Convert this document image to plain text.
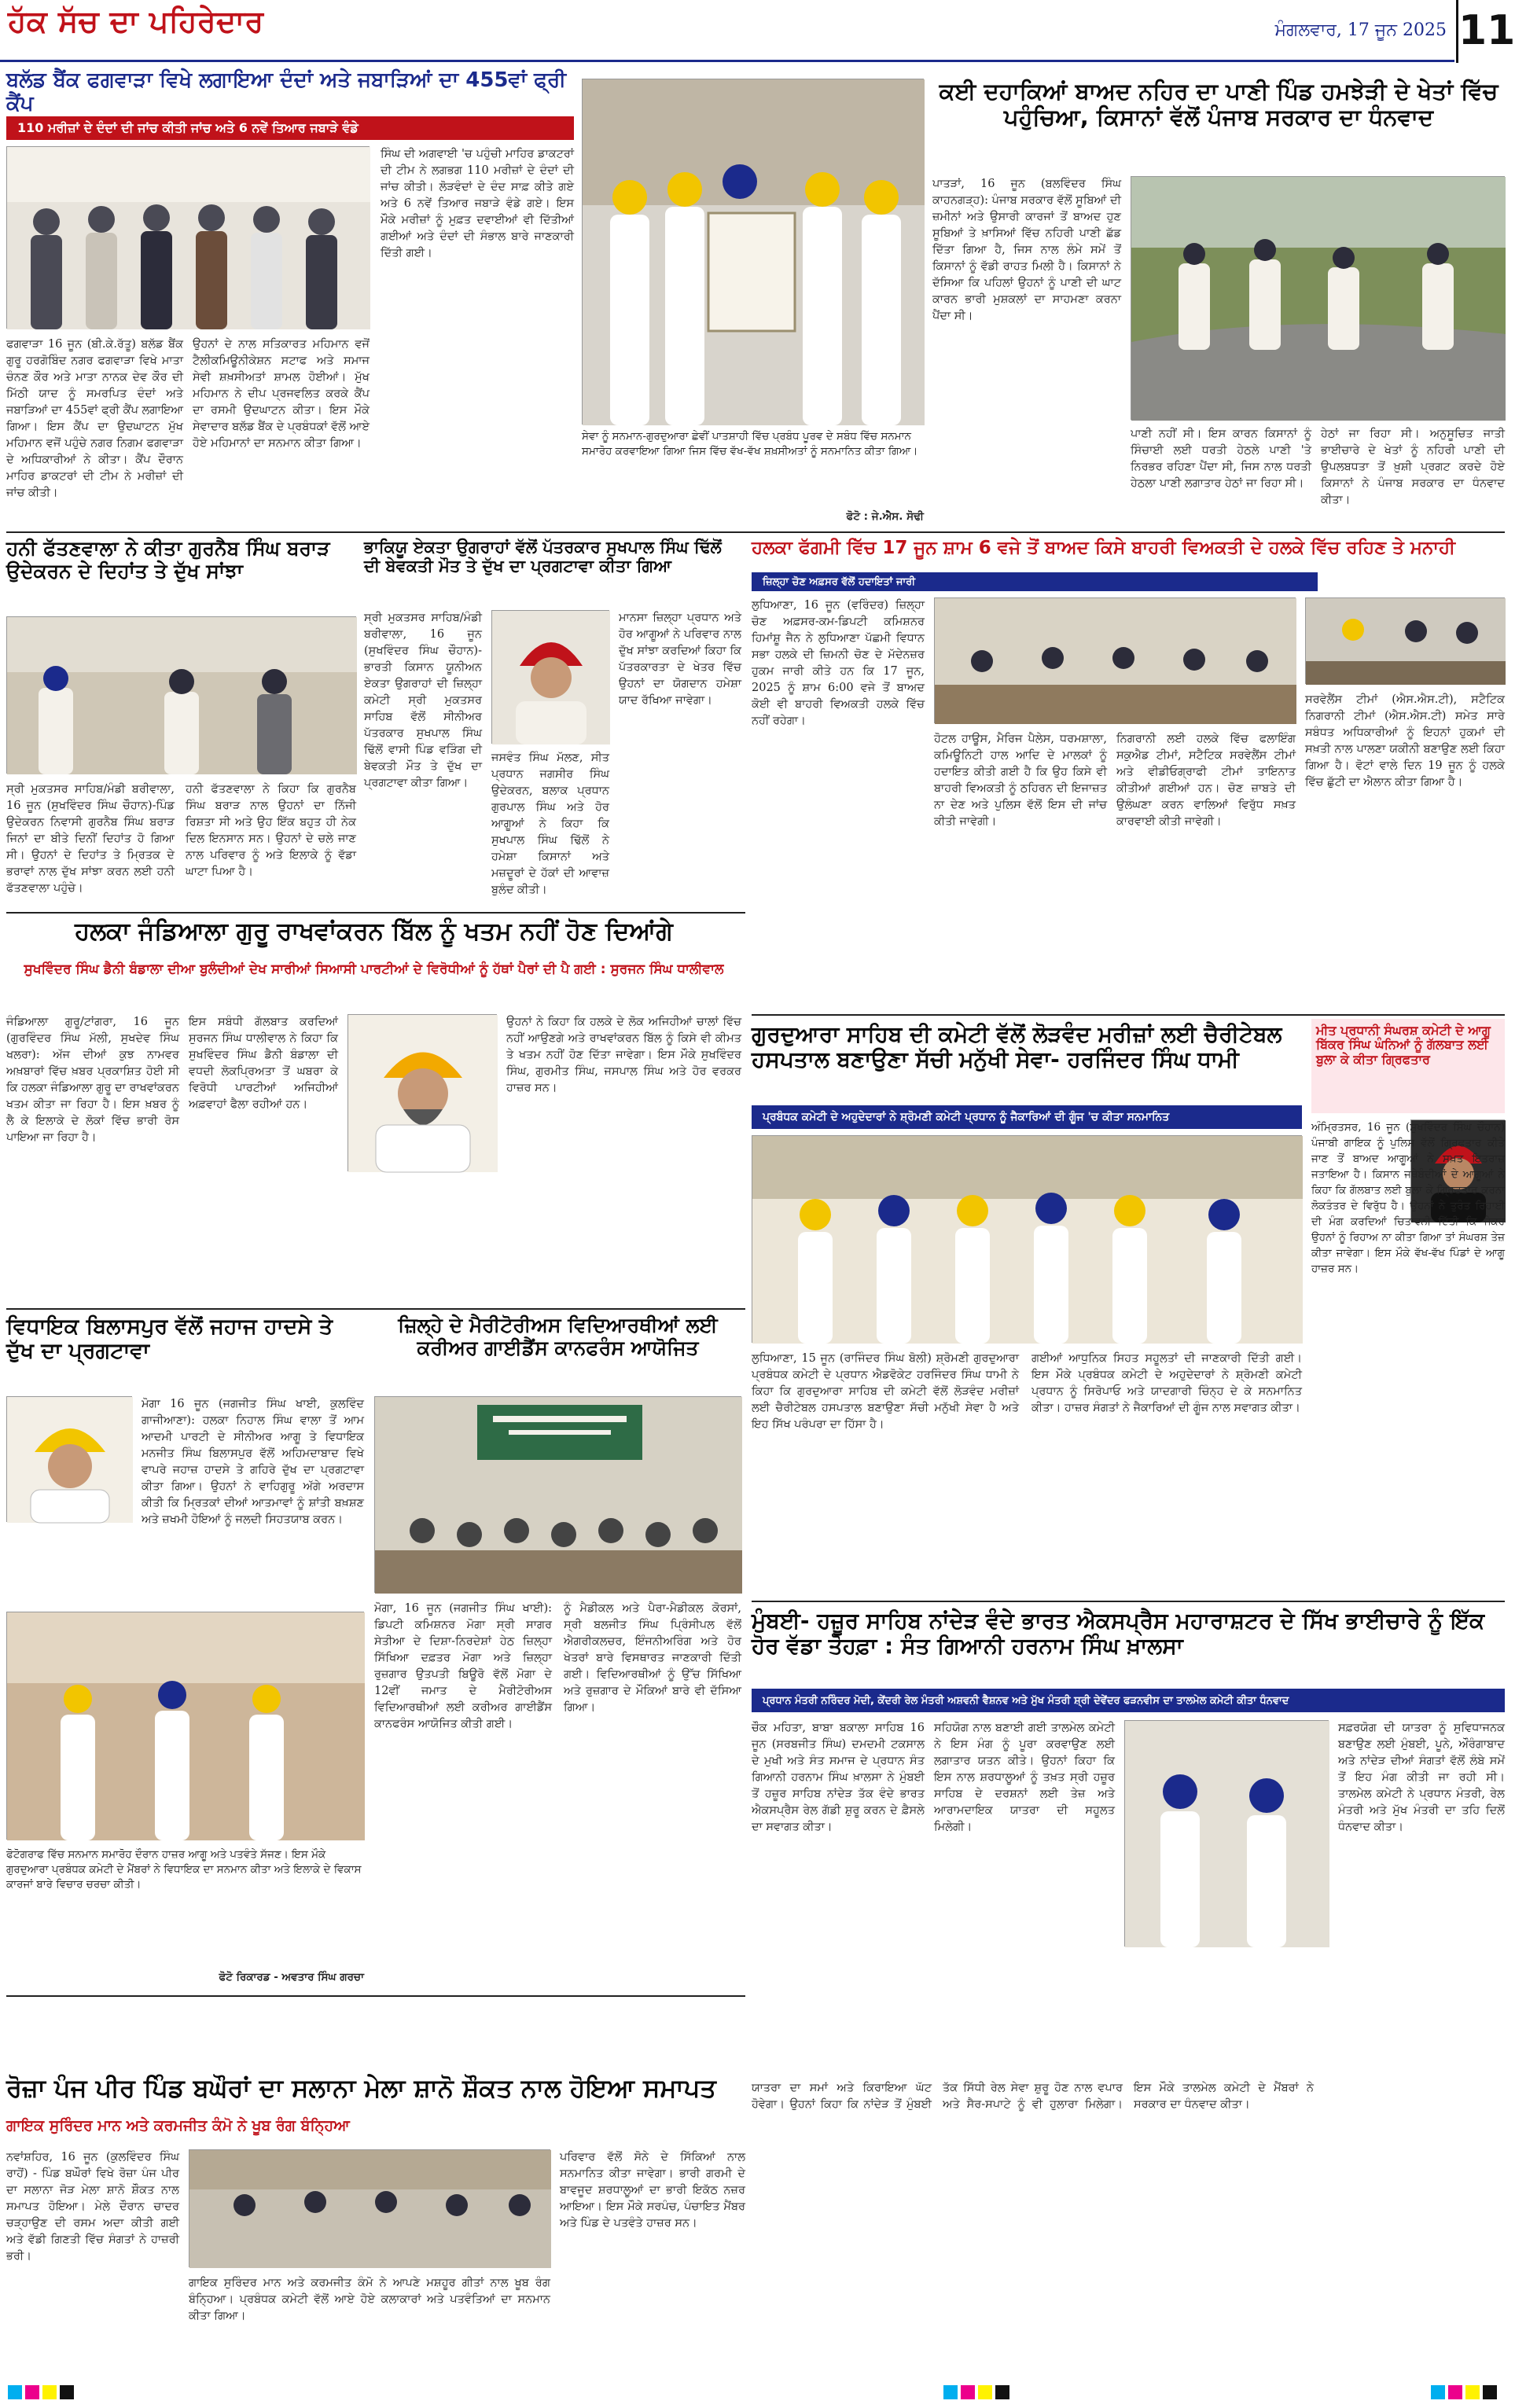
ਹੱਕ ਸੱਚ ਦਾ ਪਹਿਰੇਦਾਰ	ਮੰਗਲਵਾਰ, 17 ਜੂਨ 2025 11
ਬਲੱਡ ਬੈਂਕ ਫਗਵਾੜਾ ਵਿਖੇ ਲਗਾਇਆ ਦੰਦਾਂ ਅਤੇ ਜਬਾੜਿਆਂ ਦਾ 455ਵਾਂ ਫ੍ਰੀ ਕੈਂਪ
110 ਮਰੀਜ਼ਾਂ ਦੇ ਦੰਦਾਂ ਦੀ ਜਾਂਚ ਕੀਤੀ ਜਾਂਚ ਅਤੇ 6 ਨਵੇਂ ਤਿਆਰ ਜਬਾੜੇ ਵੰਡੇ
ਫਗਵਾੜਾ 16 ਜੂਨ (ਬੀ.ਕੇ.ਰੱਤੂ) ਬਲੱਡ ਬੈਂਕ ਗੁਰੂ ਹਰਗੋਬਿੰਦ ਨਗਰ ਫਗਵਾੜਾ ਵਿਖੇ ਮਾਤਾ ਚੰਨਣ ਕੌਰ ਅਤੇ ਮਾਤਾ ਨਾਨਕ ਦੇਵ ਕੌਰ ਦੀ ਮਿੱਠੀ ਯਾਦ ਨੂੰ ਸਮਰਪਿਤ ਦੰਦਾਂ ਅਤੇ ਜਬਾੜਿਆਂ ਦਾ 455ਵਾਂ ਫ੍ਰੀ ਕੈਂਪ ਲਗਾਇਆ ਗਿਆ। ਇਸ ਕੈਂਪ ਦਾ ਉਦਘਾਟਨ ਮੁੱਖ ਮਹਿਮਾਨ ਵਜੋਂ ਪਹੁੰਚੇ ਨਗਰ ਨਿਗਮ ਫਗਵਾੜਾ ਦੇ ਅਧਿਕਾਰੀਆਂ ਨੇ ਕੀਤਾ। ਕੈਂਪ ਦੌਰਾਨ ਮਾਹਿਰ ਡਾਕਟਰਾਂ ਦੀ ਟੀਮ ਨੇ ਮਰੀਜ਼ਾਂ ਦੀ ਜਾਂਚ ਕੀਤੀ।
ਉਹਨਾਂ ਦੇ ਨਾਲ ਸਤਿਕਾਰਤ ਮਹਿਮਾਨ ਵਜੋਂ ਟੈਲੀਕਮਿਊਨੀਕੇਸ਼ਨ ਸਟਾਫ ਅਤੇ ਸਮਾਜ ਸੇਵੀ ਸ਼ਖ਼ਸੀਅਤਾਂ ਸ਼ਾਮਲ ਹੋਈਆਂ। ਮੁੱਖ ਮਹਿਮਾਨ ਨੇ ਦੀਪ ਪ੍ਰਜਵਲਿਤ ਕਰਕੇ ਕੈਂਪ ਦਾ ਰਸਮੀ ਉਦਘਾਟਨ ਕੀਤਾ। ਇਸ ਮੌਕੇ ਸੇਵਾਦਾਰ ਬਲੱਡ ਬੈਂਕ ਦੇ ਪ੍ਰਬੰਧਕਾਂ ਵੱਲੋਂ ਆਏ ਹੋਏ ਮਹਿਮਾਨਾਂ ਦਾ ਸਨਮਾਨ ਕੀਤਾ ਗਿਆ।
ਸਿੰਘ ਦੀ ਅਗਵਾਈ 'ਚ ਪਹੁੰਚੀ ਮਾਹਿਰ ਡਾਕਟਰਾਂ ਦੀ ਟੀਮ ਨੇ ਲਗਭਗ 110 ਮਰੀਜ਼ਾਂ ਦੇ ਦੰਦਾਂ ਦੀ ਜਾਂਚ ਕੀਤੀ। ਲੋੜਵੰਦਾਂ ਦੇ ਦੰਦ ਸਾਫ਼ ਕੀਤੇ ਗਏ ਅਤੇ 6 ਨਵੇਂ ਤਿਆਰ ਜਬਾੜੇ ਵੰਡੇ ਗਏ। ਇਸ ਮੌਕੇ ਮਰੀਜ਼ਾਂ ਨੂੰ ਮੁਫ਼ਤ ਦਵਾਈਆਂ ਵੀ ਦਿੱਤੀਆਂ ਗਈਆਂ ਅਤੇ ਦੰਦਾਂ ਦੀ ਸੰਭਾਲ ਬਾਰੇ ਜਾਣਕਾਰੀ ਦਿੱਤੀ ਗਈ।
ਸੇਵਾ ਨੂੰ ਸਨਮਾਨ-ਗੁਰਦੁਆਰਾ ਛੇਵੀਂ ਪਾਤਸ਼ਾਹੀ ਵਿੱਚ ਪ੍ਰਬੰਧ ਪੂਰਵ ਦੇ ਸਬੰਧ ਵਿੱਚ ਸਨਮਾਨ ਸਮਾਰੋਹ ਕਰਵਾਇਆ ਗਿਆ ਜਿਸ ਵਿੱਚ ਵੱਖ-ਵੱਖ ਸ਼ਖ਼ਸੀਅਤਾਂ ਨੂੰ ਸਨਮਾਨਿਤ ਕੀਤਾ ਗਿਆ।
ਫੋਟੋ : ਜੇ.ਐਸ. ਸੋਢੀ
ਕਈ ਦਹਾਕਿਆਂ ਬਾਅਦ ਨਹਿਰ ਦਾ ਪਾਣੀ ਪਿੰਡ ਹਮਝੇੜੀ ਦੇ ਖੇਤਾਂ ਵਿੱਚ ਪਹੁੰਚਿਆ, ਕਿਸਾਨਾਂ ਵੱਲੋਂ ਪੰਜਾਬ ਸਰਕਾਰ ਦਾ ਧੰਨਵਾਦ
ਪਾਤੜਾਂ, 16 ਜੂਨ (ਬਲਵਿੰਦਰ ਸਿੰਘ ਕਾਹਨਗੜ੍ਹ): ਪੰਜਾਬ ਸਰਕਾਰ ਵੱਲੋਂ ਸੂਬਿਆਂ ਦੀ ਜ਼ਮੀਨਾਂ ਅਤੇ ਉਸਾਰੀ ਕਾਰਜਾਂ ਤੋਂ ਬਾਅਦ ਹੁਣ ਸੂਬਿਆਂ ਤੇ ਖ਼ਾਸਿਆਂ ਵਿੱਚ ਨਹਿਰੀ ਪਾਣੀ ਛੱਡ ਦਿੱਤਾ ਗਿਆ ਹੈ, ਜਿਸ ਨਾਲ ਲੰਮੇ ਸਮੇਂ ਤੋਂ ਕਿਸਾਨਾਂ ਨੂੰ ਵੱਡੀ ਰਾਹਤ ਮਿਲੀ ਹੈ। ਕਿਸਾਨਾਂ ਨੇ ਦੱਸਿਆ ਕਿ ਪਹਿਲਾਂ ਉਹਨਾਂ ਨੂੰ ਪਾਣੀ ਦੀ ਘਾਟ ਕਾਰਨ ਭਾਰੀ ਮੁਸ਼ਕਲਾਂ ਦਾ ਸਾਹਮਣਾ ਕਰਨਾ ਪੈਂਦਾ ਸੀ।
ਪਾਣੀ ਨਹੀਂ ਸੀ। ਇਸ ਕਾਰਨ ਕਿਸਾਨਾਂ ਨੂੰ ਸਿੰਚਾਈ ਲਈ ਧਰਤੀ ਹੇਠਲੇ ਪਾਣੀ 'ਤੇ ਨਿਰਭਰ ਰਹਿਣਾ ਪੈਂਦਾ ਸੀ, ਜਿਸ ਨਾਲ ਧਰਤੀ ਹੇਠਲਾ ਪਾਣੀ ਲਗਾਤਾਰ ਹੇਠਾਂ ਜਾ ਰਿਹਾ ਸੀ।
ਹੇਠਾਂ ਜਾ ਰਿਹਾ ਸੀ। ਅਨੁਸੂਚਿਤ ਜਾਤੀ ਭਾਈਚਾਰੇ ਦੇ ਖੇਤਾਂ ਨੂੰ ਨਹਿਰੀ ਪਾਣੀ ਦੀ ਉਪਲਬਧਤਾ ਤੋਂ ਖ਼ੁਸ਼ੀ ਪ੍ਰਗਟ ਕਰਦੇ ਹੋਏ ਕਿਸਾਨਾਂ ਨੇ ਪੰਜਾਬ ਸਰਕਾਰ ਦਾ ਧੰਨਵਾਦ ਕੀਤਾ।
ਹਨੀ ਫੱਤਣਵਾਲਾ ਨੇ ਕੀਤਾ ਗੁਰਨੈਬ ਸਿੰਘ ਬਰਾੜ ਉਦੇਕਰਨ ਦੇ ਦਿਹਾਂਤ ਤੇ ਦੁੱਖ ਸਾਂਝਾ
ਸ੍ਰੀ ਮੁਕਤਸਰ ਸਾਹਿਬ/ਮੰਡੀ ਬਰੀਵਾਲਾ, 16 ਜੂਨ (ਸੁਖਵਿੰਦਰ ਸਿੰਘ ਚੌਹਾਨ)-ਪਿੰਡ ਉਦੇਕਰਨ ਨਿਵਾਸੀ ਗੁਰਨੈਬ ਸਿੰਘ ਬਰਾੜ ਜਿਨਾਂ ਦਾ ਬੀਤੇ ਦਿਨੀਂ ਦਿਹਾਂਤ ਹੋ ਗਿਆ ਸੀ। ਉਹਨਾਂ ਦੇ ਦਿਹਾਂਤ ਤੇ ਮ੍ਰਿਤਕ ਦੇ ਭਰਾਵਾਂ ਨਾਲ ਦੁੱਖ ਸਾਂਝਾ ਕਰਨ ਲਈ ਹਨੀ ਫੱਤਣਵਾਲਾ ਪਹੁੰਚੇ।
ਹਨੀ ਫੱਤਣਵਾਲਾ ਨੇ ਕਿਹਾ ਕਿ ਗੁਰਨੈਬ ਸਿੰਘ ਬਰਾੜ ਨਾਲ ਉਹਨਾਂ ਦਾ ਨਿੱਜੀ ਰਿਸ਼ਤਾ ਸੀ ਅਤੇ ਉਹ ਇੱਕ ਬਹੁਤ ਹੀ ਨੇਕ ਦਿਲ ਇਨਸਾਨ ਸਨ। ਉਹਨਾਂ ਦੇ ਚਲੇ ਜਾਣ ਨਾਲ ਪਰਿਵਾਰ ਨੂੰ ਅਤੇ ਇਲਾਕੇ ਨੂੰ ਵੱਡਾ ਘਾਟਾ ਪਿਆ ਹੈ।
ਭਾਕਿਯੂ ਏਕਤਾ ਉਗਰਾਹਾਂ ਵੱਲੋਂ ਪੱਤਰਕਾਰ ਸੁਖਪਾਲ ਸਿੰਘ ਢਿੱਲੋਂ ਦੀ ਬੇਵਕਤੀ ਮੌਤ ਤੇ ਦੁੱਖ ਦਾ ਪ੍ਰਗਟਾਵਾ ਕੀਤਾ ਗਿਆ
ਸ੍ਰੀ ਮੁਕਤਸਰ ਸਾਹਿਬ/ਮੰਡੀ ਬਰੀਵਾਲਾ, 16 ਜੂਨ (ਸੁਖਵਿੰਦਰ ਸਿੰਘ ਚੌਹਾਨ)-ਭਾਰਤੀ ਕਿਸਾਨ ਯੂਨੀਅਨ ਏਕਤਾ ਉਗਰਾਹਾਂ ਦੀ ਜ਼ਿਲ੍ਹਾ ਕਮੇਟੀ ਸ੍ਰੀ ਮੁਕਤਸਰ ਸਾਹਿਬ ਵੱਲੋਂ ਸੀਨੀਅਰ ਪੱਤਰਕਾਰ ਸੁਖਪਾਲ ਸਿੰਘ ਢਿੱਲੋਂ ਵਾਸੀ ਪਿੰਡ ਵੜਿੰਗ ਦੀ ਬੇਵਕਤੀ ਮੌਤ ਤੇ ਦੁੱਖ ਦਾ ਪ੍ਰਗਟਾਵਾ ਕੀਤਾ ਗਿਆ।
ਜਸਵੰਤ ਸਿੰਘ ਮੱਲਣ, ਸੀਤ ਪ੍ਰਧਾਨ ਜਗਸੀਰ ਸਿੰਘ ਉਦੇਕਰਨ, ਬਲਾਕ ਪ੍ਰਧਾਨ ਗੁਰਪਾਲ ਸਿੰਘ ਅਤੇ ਹੋਰ ਆਗੂਆਂ ਨੇ ਕਿਹਾ ਕਿ ਸੁਖਪਾਲ ਸਿੰਘ ਢਿੱਲੋਂ ਨੇ ਹਮੇਸ਼ਾ ਕਿਸਾਨਾਂ ਅਤੇ ਮਜ਼ਦੂਰਾਂ ਦੇ ਹੱਕਾਂ ਦੀ ਆਵਾਜ਼ ਬੁਲੰਦ ਕੀਤੀ।
ਮਾਨਸਾ ਜ਼ਿਲ੍ਹਾ ਪ੍ਰਧਾਨ ਅਤੇ ਹੋਰ ਆਗੂਆਂ ਨੇ ਪਰਿਵਾਰ ਨਾਲ ਦੁੱਖ ਸਾਂਝਾ ਕਰਦਿਆਂ ਕਿਹਾ ਕਿ ਪੱਤਰਕਾਰਤਾ ਦੇ ਖੇਤਰ ਵਿੱਚ ਉਹਨਾਂ ਦਾ ਯੋਗਦਾਨ ਹਮੇਸ਼ਾ ਯਾਦ ਰੱਖਿਆ ਜਾਵੇਗਾ।
ਹਲਕਾ ਫੱਗਮੀ ਵਿੱਚ 17 ਜੂਨ ਸ਼ਾਮ 6 ਵਜੇ ਤੋਂ ਬਾਅਦ ਕਿਸੇ ਬਾਹਰੀ ਵਿਅਕਤੀ ਦੇ ਹਲਕੇ ਵਿੱਚ ਰਹਿਣ ਤੇ ਮਨਾਹੀ
ਜ਼ਿਲ੍ਹਾ ਚੋਣ ਅਫ਼ਸਰ ਵੱਲੋਂ ਹਦਾਇਤਾਂ ਜਾਰੀ
ਲੁਧਿਆਣਾ, 16 ਜੂਨ (ਵਰਿੰਦਰ) ਜ਼ਿਲ੍ਹਾ ਚੋਣ ਅਫ਼ਸਰ-ਕਮ-ਡਿਪਟੀ ਕਮਿਸ਼ਨਰ ਹਿਮਾਂਸ਼ੂ ਜੈਨ ਨੇ ਲੁਧਿਆਣਾ ਪੱਛਮੀ ਵਿਧਾਨ ਸਭਾ ਹਲਕੇ ਦੀ ਜ਼ਿਮਨੀ ਚੋਣ ਦੇ ਮੱਦੇਨਜ਼ਰ ਹੁਕਮ ਜਾਰੀ ਕੀਤੇ ਹਨ ਕਿ 17 ਜੂਨ, 2025 ਨੂੰ ਸ਼ਾਮ 6:00 ਵਜੇ ਤੋਂ ਬਾਅਦ ਕੋਈ ਵੀ ਬਾਹਰੀ ਵਿਅਕਤੀ ਹਲਕੇ ਵਿੱਚ ਨਹੀਂ ਰਹੇਗਾ।
ਹੋਟਲ ਹਾਊਸ, ਮੈਰਿਜ ਪੈਲੇਸ, ਧਰਮਸ਼ਾਲਾ, ਕਮਿਊਨਿਟੀ ਹਾਲ ਆਦਿ ਦੇ ਮਾਲਕਾਂ ਨੂੰ ਹਦਾਇਤ ਕੀਤੀ ਗਈ ਹੈ ਕਿ ਉਹ ਕਿਸੇ ਵੀ ਬਾਹਰੀ ਵਿਅਕਤੀ ਨੂੰ ਠਹਿਰਨ ਦੀ ਇਜਾਜ਼ਤ ਨਾ ਦੇਣ ਅਤੇ ਪੁਲਿਸ ਵੱਲੋਂ ਇਸ ਦੀ ਜਾਂਚ ਕੀਤੀ ਜਾਵੇਗੀ।
ਨਿਗਰਾਨੀ ਲਈ ਹਲਕੇ ਵਿੱਚ ਫਲਾਇੰਗ ਸਕੁਐਡ ਟੀਮਾਂ, ਸਟੈਟਿਕ ਸਰਵੇਲੈਂਸ ਟੀਮਾਂ ਅਤੇ ਵੀਡੀਓਗ੍ਰਾਫੀ ਟੀਮਾਂ ਤਾਇਨਾਤ ਕੀਤੀਆਂ ਗਈਆਂ ਹਨ। ਚੋਣ ਜ਼ਾਬਤੇ ਦੀ ਉਲੰਘਣਾ ਕਰਨ ਵਾਲਿਆਂ ਵਿਰੁੱਧ ਸਖ਼ਤ ਕਾਰਵਾਈ ਕੀਤੀ ਜਾਵੇਗੀ।
ਸਰਵੇਲੈਂਸ ਟੀਮਾਂ (ਐਸ.ਐਸ.ਟੀ), ਸਟੈਟਿਕ ਨਿਗਰਾਨੀ ਟੀਮਾਂ (ਐਸ.ਐਸ.ਟੀ) ਸਮੇਤ ਸਾਰੇ ਸਬੰਧਤ ਅਧਿਕਾਰੀਆਂ ਨੂੰ ਇਹਨਾਂ ਹੁਕਮਾਂ ਦੀ ਸਖ਼ਤੀ ਨਾਲ ਪਾਲਣਾ ਯਕੀਨੀ ਬਣਾਉਣ ਲਈ ਕਿਹਾ ਗਿਆ ਹੈ। ਵੋਟਾਂ ਵਾਲੇ ਦਿਨ 19 ਜੂਨ ਨੂੰ ਹਲਕੇ ਵਿੱਚ ਛੁੱਟੀ ਦਾ ਐਲਾਨ ਕੀਤਾ ਗਿਆ ਹੈ।
ਹਲਕਾ ਜੰਡਿਆਲਾ ਗੁਰੂ ਰਾਖਵਾਂਕਰਨ ਬਿੱਲ ਨੂੰ ਖਤਮ ਨਹੀਂ ਹੋਣ ਦਿਆਂਗੇ
ਸੁਖਵਿੰਦਰ ਸਿੰਘ ਡੈਨੀ ਬੰਡਾਲਾ ਦੀਆ ਬੁਲੰਦੀਆਂ ਦੇਖ ਸਾਰੀਆਂ ਸਿਆਸੀ ਪਾਰਟੀਆਂ ਦੇ ਵਿਰੋਧੀਆਂ ਨੂੰ ਹੱਥਾਂ ਪੈਰਾਂ ਦੀ ਪੈ ਗਈ : ਸੁਰਜਨ ਸਿੰਘ ਧਾਲੀਵਾਲ
ਜੰਡਿਆਲਾ ਗੁਰੂ/ਟਾਂਗਰਾ, 16 ਜੂਨ (ਗੁਰਵਿੰਦਰ ਸਿੰਘ ਮੱਲੀ, ਸੁਖਦੇਵ ਸਿੰਘ ਖਲਰਾ): ਅੱਜ ਦੀਆਂ ਕੁਝ ਨਾਮਵਰ ਅਖ਼ਬਾਰਾਂ ਵਿੱਚ ਖ਼ਬਰ ਪ੍ਰਕਾਸ਼ਿਤ ਹੋਈ ਸੀ ਕਿ ਹਲਕਾ ਜੰਡਿਆਲਾ ਗੁਰੂ ਦਾ ਰਾਖਵਾਂਕਰਨ ਖਤਮ ਕੀਤਾ ਜਾ ਰਿਹਾ ਹੈ। ਇਸ ਖ਼ਬਰ ਨੂੰ ਲੈ ਕੇ ਇਲਾਕੇ ਦੇ ਲੋਕਾਂ ਵਿੱਚ ਭਾਰੀ ਰੋਸ ਪਾਇਆ ਜਾ ਰਿਹਾ ਹੈ।
ਇਸ ਸਬੰਧੀ ਗੱਲਬਾਤ ਕਰਦਿਆਂ ਸੁਰਜਨ ਸਿੰਘ ਧਾਲੀਵਾਲ ਨੇ ਕਿਹਾ ਕਿ ਸੁਖਵਿੰਦਰ ਸਿੰਘ ਡੈਨੀ ਬੰਡਾਲਾ ਦੀ ਵਧਦੀ ਲੋਕਪ੍ਰਿਅਤਾ ਤੋਂ ਘਬਰਾ ਕੇ ਵਿਰੋਧੀ ਪਾਰਟੀਆਂ ਅਜਿਹੀਆਂ ਅਫ਼ਵਾਹਾਂ ਫੈਲਾ ਰਹੀਆਂ ਹਨ।
ਉਹਨਾਂ ਨੇ ਕਿਹਾ ਕਿ ਹਲਕੇ ਦੇ ਲੋਕ ਅਜਿਹੀਆਂ ਚਾਲਾਂ ਵਿੱਚ ਨਹੀਂ ਆਉਣਗੇ ਅਤੇ ਰਾਖਵਾਂਕਰਨ ਬਿੱਲ ਨੂੰ ਕਿਸੇ ਵੀ ਕੀਮਤ ਤੇ ਖਤਮ ਨਹੀਂ ਹੋਣ ਦਿੱਤਾ ਜਾਵੇਗਾ। ਇਸ ਮੌਕੇ ਸੁਖਵਿੰਦਰ ਸਿੰਘ, ਗੁਰਮੀਤ ਸਿੰਘ, ਜਸਪਾਲ ਸਿੰਘ ਅਤੇ ਹੋਰ ਵਰਕਰ ਹਾਜ਼ਰ ਸਨ।
ਗੁਰਦੁਆਰਾ ਸਾਹਿਬ ਦੀ ਕਮੇਟੀ ਵੱਲੋਂ ਲੋੜਵੰਦ ਮਰੀਜ਼ਾਂ ਲਈ ਚੈਰੀਟੇਬਲ ਹਸਪਤਾਲ ਬਣਾਉਣਾ ਸੱਚੀ ਮਨੁੱਖੀ ਸੇਵਾ- ਹਰਜਿੰਦਰ ਸਿੰਘ ਧਾਮੀ
ਪ੍ਰਬੰਧਕ ਕਮੇਟੀ ਦੇ ਅਹੁਦੇਦਾਰਾਂ ਨੇ ਸ਼੍ਰੋਮਣੀ ਕਮੇਟੀ ਪ੍ਰਧਾਨ ਨੂੰ ਜੈਕਾਰਿਆਂ ਦੀ ਗੂੰਜ 'ਚ ਕੀਤਾ ਸਨਮਾਨਿਤ
ਲੁਧਿਆਣਾ, 15 ਜੂਨ (ਰਾਜਿੰਦਰ ਸਿੰਘ ਬੋਲੀ) ਸ਼੍ਰੋਮਣੀ ਗੁਰਦੁਆਰਾ ਪ੍ਰਬੰਧਕ ਕਮੇਟੀ ਦੇ ਪ੍ਰਧਾਨ ਐਡਵੋਕੇਟ ਹਰਜਿੰਦਰ ਸਿੰਘ ਧਾਮੀ ਨੇ ਕਿਹਾ ਕਿ ਗੁਰਦੁਆਰਾ ਸਾਹਿਬ ਦੀ ਕਮੇਟੀ ਵੱਲੋਂ ਲੋੜਵੰਦ ਮਰੀਜ਼ਾਂ ਲਈ ਚੈਰੀਟੇਬਲ ਹਸਪਤਾਲ ਬਣਾਉਣਾ ਸੱਚੀ ਮਨੁੱਖੀ ਸੇਵਾ ਹੈ ਅਤੇ ਇਹ ਸਿੱਖ ਪਰੰਪਰਾ ਦਾ ਹਿੱਸਾ ਹੈ।
ਗਈਆਂ ਆਧੁਨਿਕ ਸਿਹਤ ਸਹੂਲਤਾਂ ਦੀ ਜਾਣਕਾਰੀ ਦਿੱਤੀ ਗਈ। ਇਸ ਮੌਕੇ ਪ੍ਰਬੰਧਕ ਕਮੇਟੀ ਦੇ ਅਹੁਦੇਦਾਰਾਂ ਨੇ ਸ਼੍ਰੋਮਣੀ ਕਮੇਟੀ ਪ੍ਰਧਾਨ ਨੂੰ ਸਿਰੋਪਾਓ ਅਤੇ ਯਾਦਗਾਰੀ ਚਿੰਨ੍ਹ ਦੇ ਕੇ ਸਨਮਾਨਿਤ ਕੀਤਾ। ਹਾਜ਼ਰ ਸੰਗਤਾਂ ਨੇ ਜੈਕਾਰਿਆਂ ਦੀ ਗੂੰਜ ਨਾਲ ਸਵਾਗਤ ਕੀਤਾ।
ਮੀਤ ਪ੍ਰਧਾਨੀ ਸੰਘਰਸ਼ ਕਮੇਟੀ ਦੇ ਆਗੂ ਬਿੱਕਰ ਸਿੰਘ ਘੰਨਿਆਂ ਨੂੰ ਗੱਲਬਾਤ ਲਈ ਬੁਲਾ ਕੇ ਕੀਤਾ ਗ੍ਰਿਫਤਾਰ
ਅੰਮ੍ਰਿਤਸਰ, 16 ਜੂਨ (ਸੁਖਵਿੰਦਰ ਸਿੰਘ ਚੌਹਾਨ) ਪੰਜਾਬੀ ਗਾਇਕ ਨੂੰ ਪੁਲਿਸ ਵੱਲੋਂ ਗ੍ਰਿਫਤਾਰ ਕੀਤੇ ਜਾਣ ਤੋਂ ਬਾਅਦ ਆਗੂਆਂ ਨੇ ਸਖ਼ਤ ਇਤਰਾਜ਼ ਜਤਾਇਆ ਹੈ। ਕਿਸਾਨ ਜਥੇਬੰਦੀਆਂ ਦੇ ਆਗੂਆਂ ਨੇ ਕਿਹਾ ਕਿ ਗੱਲਬਾਤ ਲਈ ਬੁਲਾ ਕੇ ਗ੍ਰਿਫਤਾਰ ਕਰਨਾ ਲੋਕਤੰਤਰ ਦੇ ਵਿਰੁੱਧ ਹੈ। ਉਹਨਾਂ ਨੇ ਤੁਰੰਤ ਰਿਹਾਈ ਦੀ ਮੰਗ ਕਰਦਿਆਂ ਚਿਤਾਵਨੀ ਦਿੱਤੀ ਕਿ ਜੇਕਰ ਉਹਨਾਂ ਨੂੰ ਰਿਹਾਅ ਨਾ ਕੀਤਾ ਗਿਆ ਤਾਂ ਸੰਘਰਸ਼ ਤੇਜ਼ ਕੀਤਾ ਜਾਵੇਗਾ। ਇਸ ਮੌਕੇ ਵੱਖ-ਵੱਖ ਪਿੰਡਾਂ ਦੇ ਆਗੂ ਹਾਜ਼ਰ ਸਨ।
ਵਿਧਾਇਕ ਬਿਲਾਸਪੁਰ ਵੱਲੋਂ ਜਹਾਜ ਹਾਦਸੇ ਤੇ ਦੁੱਖ ਦਾ ਪ੍ਰਗਟਾਵਾ
ਮੋਗਾ 16 ਜੂਨ (ਜਗਜੀਤ ਸਿੰਘ ਖਾਈ, ਕੁਲਵਿੰਦ ਗਾਜੀਆਣਾ): ਹਲਕਾ ਨਿਹਾਲ ਸਿੰਘ ਵਾਲਾ ਤੋਂ ਆਮ ਆਦਮੀ ਪਾਰਟੀ ਦੇ ਸੀਨੀਅਰ ਆਗੂ ਤੇ ਵਿਧਾਇਕ ਮਨਜੀਤ ਸਿੰਘ ਬਿਲਾਸਪੁਰ ਵੱਲੋਂ ਅਹਿਮਦਾਬਾਦ ਵਿਖੇ ਵਾਪਰੇ ਜਹਾਜ਼ ਹਾਦਸੇ ਤੇ ਗਹਿਰੇ ਦੁੱਖ ਦਾ ਪ੍ਰਗਟਾਵਾ ਕੀਤਾ ਗਿਆ। ਉਹਨਾਂ ਨੇ ਵਾਹਿਗੁਰੂ ਅੱਗੇ ਅਰਦਾਸ ਕੀਤੀ ਕਿ ਮ੍ਰਿਤਕਾਂ ਦੀਆਂ ਆਤਮਾਵਾਂ ਨੂੰ ਸ਼ਾਂਤੀ ਬਖ਼ਸ਼ਣ ਅਤੇ ਜ਼ਖਮੀ ਹੋਇਆਂ ਨੂੰ ਜਲਦੀ ਸਿਹਤਯਾਬ ਕਰਨ।
ਜ਼ਿਲ੍ਹੇ ਦੇ ਮੈਰੀਟੋਰੀਅਸ ਵਿਦਿਆਰਥੀਆਂ ਲਈ ਕਰੀਅਰ ਗਾਈਡੈਂਸ ਕਾਨਫਰੰਸ ਆਯੋਜਿਤ
ਮੋਗਾ, 16 ਜੂਨ (ਜਗਜੀਤ ਸਿੰਘ ਖਾਈ): ਡਿਪਟੀ ਕਮਿਸ਼ਨਰ ਮੋਗਾ ਸ੍ਰੀ ਸਾਗਰ ਸੇਤੀਆ ਦੇ ਦਿਸ਼ਾ-ਨਿਰਦੇਸ਼ਾਂ ਹੇਠ ਜ਼ਿਲ੍ਹਾ ਸਿੱਖਿਆ ਦਫ਼ਤਰ ਮੋਗਾ ਅਤੇ ਜ਼ਿਲ੍ਹਾ ਰੁਜ਼ਗਾਰ ਉਤਪਤੀ ਬਿਊਰੋ ਵੱਲੋਂ ਮੋਗਾ ਦੇ 12ਵੀਂ ਜਮਾਤ ਦੇ ਮੈਰੀਟੋਰੀਅਸ ਵਿਦਿਆਰਥੀਆਂ ਲਈ ਕਰੀਅਰ ਗਾਈਡੈਂਸ ਕਾਨਫਰੰਸ ਆਯੋਜਿਤ ਕੀਤੀ ਗਈ।
ਨੂੰ ਮੈਡੀਕਲ ਅਤੇ ਪੈਰਾ-ਮੈਡੀਕਲ ਕੋਰਸਾਂ, ਸ੍ਰੀ ਬਲਜੀਤ ਸਿੰਘ ਪ੍ਰਿੰਸੀਪਲ ਵੱਲੋਂ ਐਗਰੀਕਲਚਰ, ਇੰਜਨੀਅਰਿੰਗ ਅਤੇ ਹੋਰ ਖੇਤਰਾਂ ਬਾਰੇ ਵਿਸਥਾਰਤ ਜਾਣਕਾਰੀ ਦਿੱਤੀ ਗਈ। ਵਿਦਿਆਰਥੀਆਂ ਨੂੰ ਉੱਚ ਸਿੱਖਿਆ ਅਤੇ ਰੁਜ਼ਗਾਰ ਦੇ ਮੌਕਿਆਂ ਬਾਰੇ ਵੀ ਦੱਸਿਆ ਗਿਆ।
ਫੋਟੋਗਰਾਫ ਵਿੱਚ ਸਨਮਾਨ ਸਮਾਰੋਹ ਦੌਰਾਨ ਹਾਜ਼ਰ ਆਗੂ ਅਤੇ ਪਤਵੰਤੇ ਸੱਜਣ। ਇਸ ਮੌਕੇ ਗੁਰਦੁਆਰਾ ਪ੍ਰਬੰਧਕ ਕਮੇਟੀ ਦੇ ਮੈਂਬਰਾਂ ਨੇ ਵਿਧਾਇਕ ਦਾ ਸਨਮਾਨ ਕੀਤਾ ਅਤੇ ਇਲਾਕੇ ਦੇ ਵਿਕਾਸ ਕਾਰਜਾਂ ਬਾਰੇ ਵਿਚਾਰ ਚਰਚਾ ਕੀਤੀ।
ਫੋਟੋ ਰਿਕਾਰਡ - ਅਵਤਾਰ ਸਿੰਘ ਗਰਚਾ
ਮੁੰਬਈ- ਹਜ਼ੂਰ ਸਾਹਿਬ ਨਾਂਦੇੜ ਵੰਦੇ ਭਾਰਤ ਐਕਸਪ੍ਰੈਸ ਮਹਾਰਾਸ਼ਟਰ ਦੇ ਸਿੱਖ ਭਾਈਚਾਰੇ ਨੂੰ ਇੱਕ ਹੋਰ ਵੱਡਾ ਤੋਹਫ਼ਾ : ਸੰਤ ਗਿਆਨੀ ਹਰਨਾਮ ਸਿੰਘ ਖ਼ਾਲਸਾ
ਪ੍ਰਧਾਨ ਮੰਤਰੀ ਨਰਿੰਦਰ ਮੋਦੀ, ਕੇਂਦਰੀ ਰੇਲ ਮੰਤਰੀ ਅਸ਼ਵਨੀ ਵੈਸ਼ਨਵ ਅਤੇ ਮੁੱਖ ਮੰਤਰੀ ਸ਼੍ਰੀ ਦੇਵੇਂਦਰ ਫੜਨਵੀਸ ਦਾ ਤਾਲਮੇਲ ਕਮੇਟੀ ਕੀਤਾ ਧੰਨਵਾਦ
ਚੌਕ ਮਹਿਤਾ, ਬਾਬਾ ਬਕਾਲਾ ਸਾਹਿਬ 16 ਜੂਨ (ਸਰਬਜੀਤ ਸਿੰਘ) ਦਮਦਮੀ ਟਕਸਾਲ ਦੇ ਮੁਖੀ ਅਤੇ ਸੰਤ ਸਮਾਜ ਦੇ ਪ੍ਰਧਾਨ ਸੰਤ ਗਿਆਨੀ ਹਰਨਾਮ ਸਿੰਘ ਖ਼ਾਲਸਾ ਨੇ ਮੁੰਬਈ ਤੋਂ ਹਜ਼ੂਰ ਸਾਹਿਬ ਨਾਂਦੇੜ ਤੱਕ ਵੰਦੇ ਭਾਰਤ ਐਕਸਪ੍ਰੈਸ ਰੇਲ ਗੱਡੀ ਸ਼ੁਰੂ ਕਰਨ ਦੇ ਫ਼ੈਸਲੇ ਦਾ ਸਵਾਗਤ ਕੀਤਾ।
ਸਹਿਯੋਗ ਨਾਲ ਬਣਾਈ ਗਈ ਤਾਲਮੇਲ ਕਮੇਟੀ ਨੇ ਇਸ ਮੰਗ ਨੂੰ ਪੂਰਾ ਕਰਵਾਉਣ ਲਈ ਲਗਾਤਾਰ ਯਤਨ ਕੀਤੇ। ਉਹਨਾਂ ਕਿਹਾ ਕਿ ਇਸ ਨਾਲ ਸ਼ਰਧਾਲੂਆਂ ਨੂੰ ਤਖ਼ਤ ਸ੍ਰੀ ਹਜ਼ੂਰ ਸਾਹਿਬ ਦੇ ਦਰਸ਼ਨਾਂ ਲਈ ਤੇਜ਼ ਅਤੇ ਆਰਾਮਦਾਇਕ ਯਾਤਰਾ ਦੀ ਸਹੂਲਤ ਮਿਲੇਗੀ।
ਸਫ਼ਰਯੋਗ ਦੀ ਯਾਤਰਾ ਨੂੰ ਸੁਵਿਧਾਜਨਕ ਬਣਾਉਣ ਲਈ ਮੁੰਬਈ, ਪੂਨੇ, ਔਰੰਗਾਬਾਦ ਅਤੇ ਨਾਂਦੇੜ ਦੀਆਂ ਸੰਗਤਾਂ ਵੱਲੋਂ ਲੰਬੇ ਸਮੇਂ ਤੋਂ ਇਹ ਮੰਗ ਕੀਤੀ ਜਾ ਰਹੀ ਸੀ। ਤਾਲਮੇਲ ਕਮੇਟੀ ਨੇ ਪ੍ਰਧਾਨ ਮੰਤਰੀ, ਰੇਲ ਮੰਤਰੀ ਅਤੇ ਮੁੱਖ ਮੰਤਰੀ ਦਾ ਤਹਿ ਦਿਲੋਂ ਧੰਨਵਾਦ ਕੀਤਾ।
ਰੋਜ਼ਾ ਪੰਜ ਪੀਰ ਪਿੰਡ ਬਘੌਰਾਂ ਦਾ ਸਲਾਨਾ ਮੇਲਾ ਸ਼ਾਨੋ ਸ਼ੌਕਤ ਨਾਲ ਹੋਇਆ ਸਮਾਪਤ
ਗਾਇਕ ਸੁਰਿੰਦਰ ਮਾਨ ਅਤੇ ਕਰਮਜੀਤ ਕੰਮੋ ਨੇ ਖੂਬ ਰੰਗ ਬੰਨ੍ਹਿਆ
ਨਵਾਂਸ਼ਹਿਰ, 16 ਜੂਨ (ਕੁਲਵਿੰਦਰ ਸਿੰਘ ਰਾਹੋਂ) - ਪਿੰਡ ਬਘੌਰਾਂ ਵਿਖੇ ਰੋਜ਼ਾ ਪੰਜ ਪੀਰ ਦਾ ਸਲਾਨਾ ਜੋੜ ਮੇਲਾ ਸ਼ਾਨੋ ਸ਼ੌਕਤ ਨਾਲ ਸਮਾਪਤ ਹੋਇਆ। ਮੇਲੇ ਦੌਰਾਨ ਚਾਦਰ ਚੜ੍ਹਾਉਣ ਦੀ ਰਸਮ ਅਦਾ ਕੀਤੀ ਗਈ ਅਤੇ ਵੱਡੀ ਗਿਣਤੀ ਵਿੱਚ ਸੰਗਤਾਂ ਨੇ ਹਾਜ਼ਰੀ ਭਰੀ।
ਗਾਇਕ ਸੁਰਿੰਦਰ ਮਾਨ ਅਤੇ ਕਰਮਜੀਤ ਕੰਮੋ ਨੇ ਆਪਣੇ ਮਸ਼ਹੂਰ ਗੀਤਾਂ ਨਾਲ ਖੂਬ ਰੰਗ ਬੰਨ੍ਹਿਆ। ਪ੍ਰਬੰਧਕ ਕਮੇਟੀ ਵੱਲੋਂ ਆਏ ਹੋਏ ਕਲਾਕਾਰਾਂ ਅਤੇ ਪਤਵੰਤਿਆਂ ਦਾ ਸਨਮਾਨ ਕੀਤਾ ਗਿਆ।
ਪਰਿਵਾਰ ਵੱਲੋਂ ਸੋਨੇ ਦੇ ਸਿੱਕਿਆਂ ਨਾਲ ਸਨਮਾਨਿਤ ਕੀਤਾ ਜਾਵੇਗਾ। ਭਾਰੀ ਗਰਮੀ ਦੇ ਬਾਵਜੂਦ ਸ਼ਰਧਾਲੂਆਂ ਦਾ ਭਾਰੀ ਇਕੱਠ ਨਜ਼ਰ ਆਇਆ। ਇਸ ਮੌਕੇ ਸਰਪੰਚ, ਪੰਚਾਇਤ ਮੈਂਬਰ ਅਤੇ ਪਿੰਡ ਦੇ ਪਤਵੰਤੇ ਹਾਜ਼ਰ ਸਨ।
ਯਾਤਰਾ ਦਾ ਸਮਾਂ ਅਤੇ ਕਿਰਾਇਆ ਘੱਟ ਹੋਵੇਗਾ। ਉਹਨਾਂ ਕਿਹਾ ਕਿ ਨਾਂਦੇੜ ਤੋਂ ਮੁੰਬਈ ਤੱਕ ਸਿੱਧੀ ਰੇਲ ਸੇਵਾ ਸ਼ੁਰੂ ਹੋਣ ਨਾਲ ਵਪਾਰ ਅਤੇ ਸੈਰ-ਸਪਾਟੇ ਨੂੰ ਵੀ ਹੁਲਾਰਾ ਮਿਲੇਗਾ। ਇਸ ਮੌਕੇ ਤਾਲਮੇਲ ਕਮੇਟੀ ਦੇ ਮੈਂਬਰਾਂ ਨੇ ਸਰਕਾਰ ਦਾ ਧੰਨਵਾਦ ਕੀਤਾ।
